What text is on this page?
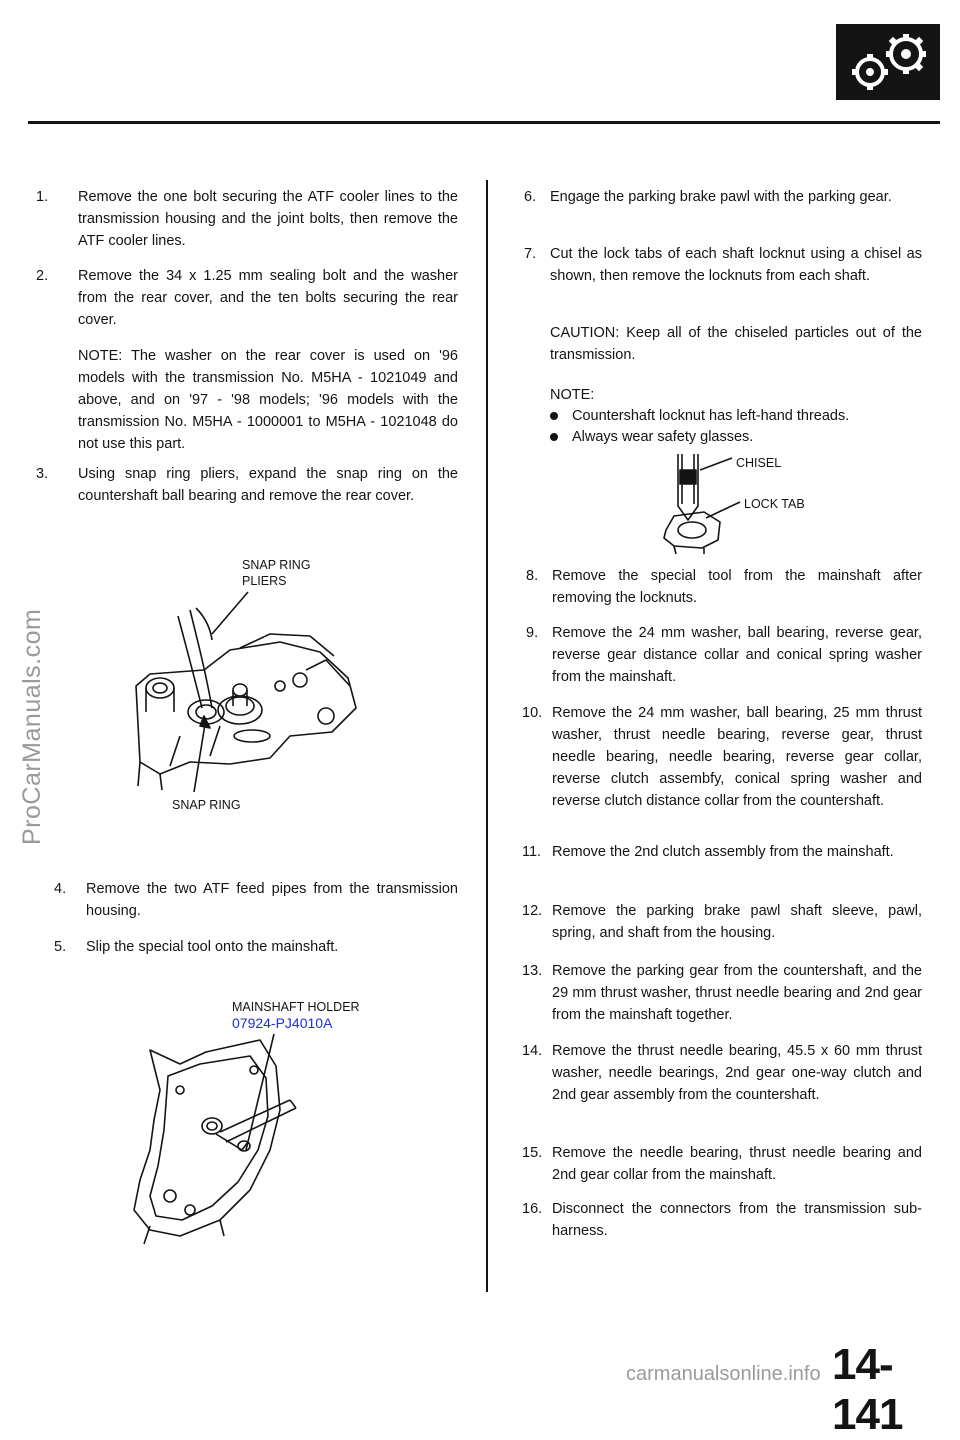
ProCarManuals.com
1. Remove the one bolt securing the ATF cooler lines to the transmission housing and the joint bolts, then remove the ATF cooler lines.
2. Remove the 34 x 1.25 mm sealing bolt and the washer from the rear cover, and the ten bolts securing the rear cover.
NOTE: The washer on the rear cover is used on '96 models with the transmission No. M5HA - 1021049 and above, and on '97 - '98 models; '96 models with the transmission No. M5HA - 1000001 to M5HA - 1021048 do not use this part.
3. Using snap ring pliers, expand the snap ring on the countershaft ball bearing and remove the rear cover.
SNAP RING PLIERS
SNAP RING
4. Remove the two ATF feed pipes from the transmission housing.
5. Slip the special tool onto the mainshaft.
MAINSHAFT HOLDER
07924-PJ4010A
6. Engage the parking brake pawl with the parking gear.
7. Cut the lock tabs of each shaft locknut using a chisel as shown, then remove the locknuts from each shaft.
CAUTION: Keep all of the chiseled particles out of the transmission.
NOTE:
Countershaft locknut has left-hand threads.
Always wear safety glasses.
CHISEL
LOCK TAB
8. Remove the special tool from the mainshaft after removing the locknuts.
9. Remove the 24 mm washer, ball bearing, reverse gear, reverse gear distance collar and conical spring washer from the mainshaft.
10. Remove the 24 mm washer, ball bearing, 25 mm thrust washer, thrust needle bearing, reverse gear, thrust needle bearing, needle bearing, reverse gear collar, reverse clutch assembfy, conical spring washer and reverse clutch distance collar from the countershaft.
11. Remove the 2nd clutch assembly from the mainshaft.
12. Remove the parking brake pawl shaft sleeve, pawl, spring, and shaft from the housing.
13. Remove the parking gear from the countershaft, and the 29 mm thrust washer, thrust needle bearing and 2nd gear from the mainshaft together.
14. Remove the thrust needle bearing, 45.5 x 60 mm thrust washer, needle bearings, 2nd gear one-way clutch and 2nd gear assembly from the countershaft.
15. Remove the needle bearing, thrust needle bearing and 2nd gear collar from the mainshaft.
16. Disconnect the connectors from the transmission sub-harness.
14-141
carmanualsonline.info
